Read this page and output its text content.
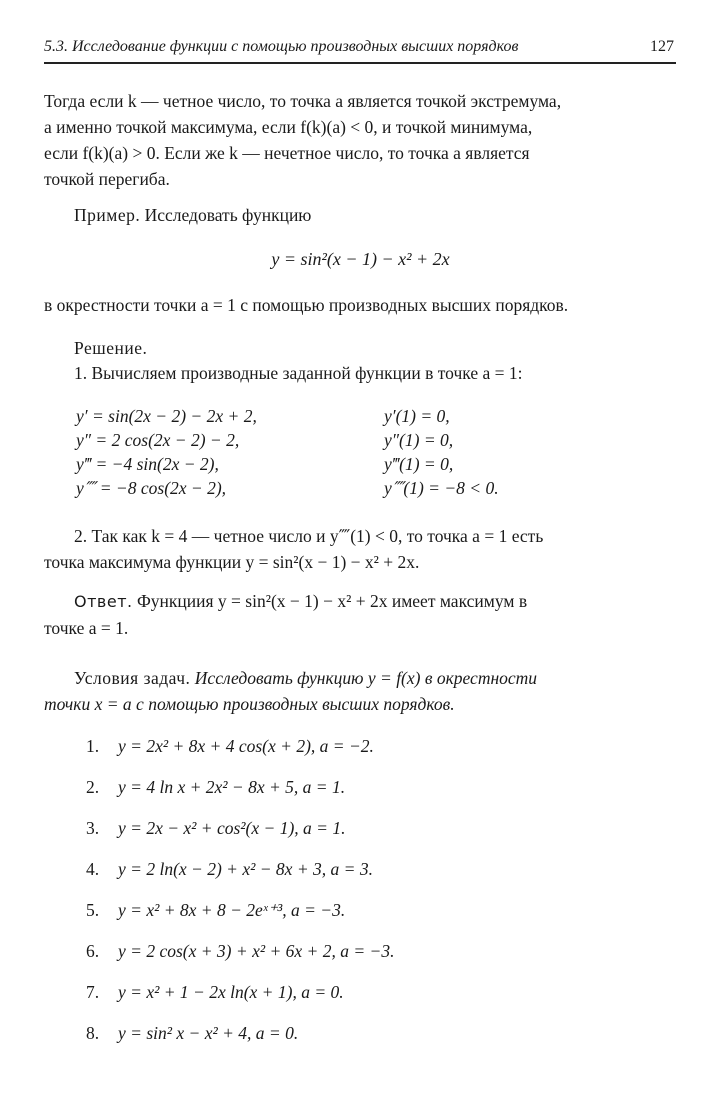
5.3. Исследование функции с помощью производных высших порядков	127
Тогда если k — четное число, то точка a является точкой экстремума,
а именно точкой максимума, если f(k)(a) < 0, и точкой минимума,
если f(k)(a) > 0. Если же k — нечетное число, то точка a является
точкой перегиба.
Пример. Исследовать функцию
y = sin²(x − 1) − x² + 2x
в окрестности точки a = 1 с помощью производных высших порядков.
Решение.
1. Вычисляем производные заданной функции в точке a = 1:
y′ = sin(2x − 2) − 2x + 2,
y″ = 2 cos(2x − 2) − 2,
y‴ = −4 sin(2x − 2),
y⁗ = −8 cos(2x − 2),
y′(1) = 0,
y″(1) = 0,
y‴(1) = 0,
y⁗(1) = −8 < 0.
2. Так как k = 4 — четное число и y⁗(1) < 0, то точка a = 1 есть
точка максимума функции y = sin²(x − 1) − x² + 2x.
Ответ. Функциия y = sin²(x − 1) − x² + 2x имеет максимум в
точке a = 1.
Условия задач. Исследовать функцию y = f(x) в окрестности
точки x = a с помощью производных высших порядков.
1. y = 2x² + 8x + 4 cos(x + 2), a = −2.
2. y = 4 ln x + 2x² − 8x + 5, a = 1.
3. y = 2x − x² + cos²(x − 1), a = 1.
4. y = 2 ln(x − 2) + x² − 8x + 3, a = 3.
5. y = x² + 8x + 8 − 2eˣ⁺³, a = −3.
6. y = 2 cos(x + 3) + x² + 6x + 2, a = −3.
7. y = x² + 1 − 2x ln(x + 1), a = 0.
8. y = sin² x − x² + 4, a = 0.
